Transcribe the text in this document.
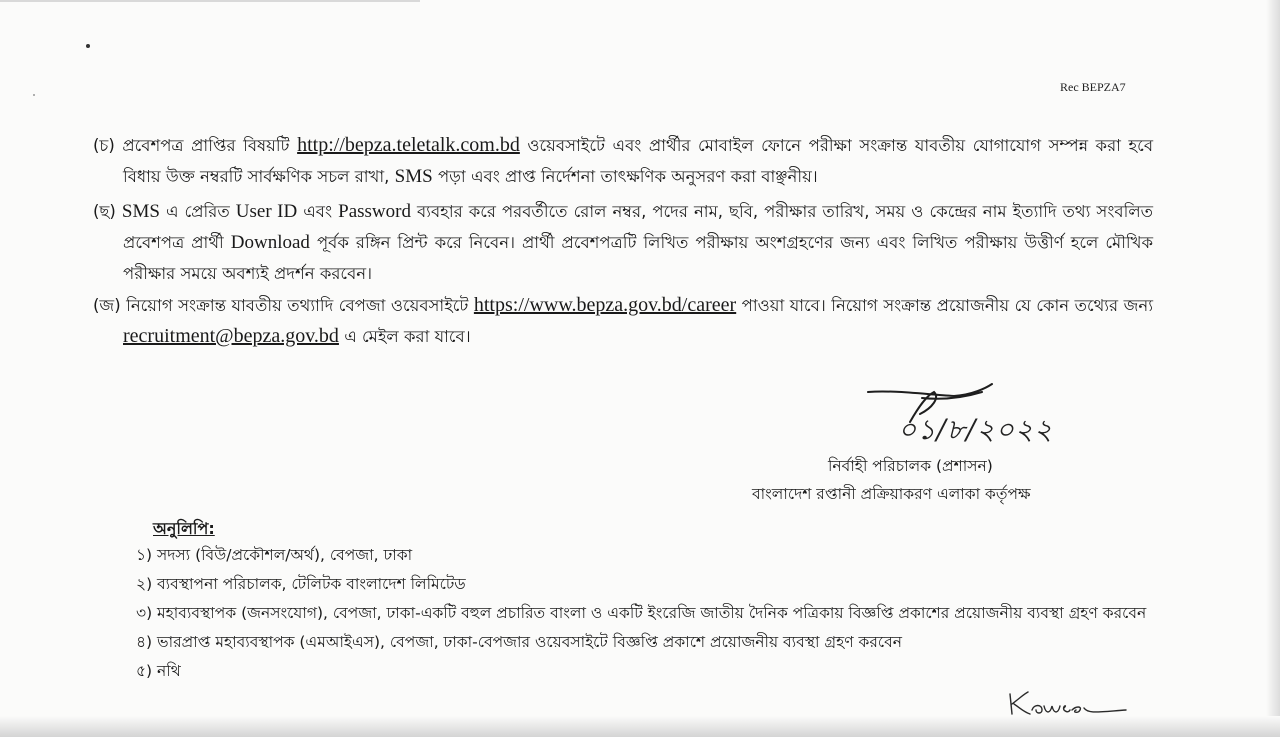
Rec BEPZA7
(চ) প্রবেশপত্র প্রাপ্তির বিষয়টি http://bepza.teletalk.com.bd ওয়েবসাইটে এবং প্রার্থীর মোবাইল ফোনে পরীক্ষা সংক্রান্ত যাবতীয় যোগাযোগ সম্পন্ন করা হবে বিধায় উক্ত নম্বরটি সার্বক্ষণিক সচল রাখা, SMS পড়া এবং প্রাপ্ত নির্দেশনা তাৎক্ষণিক অনুসরণ করা বাঞ্ছনীয়।
(ছ) SMS এ প্রেরিত User ID এবং Password ব্যবহার করে পরবর্তীতে রোল নম্বর, পদের নাম, ছবি, পরীক্ষার তারিখ, সময় ও কেন্দ্রের নাম ইত্যাদি তথ্য সংবলিত প্রবেশপত্র প্রার্থী Download পূর্বক রঙ্গিন প্রিন্ট করে নিবেন। প্রার্থী প্রবেশপত্রটি লিখিত পরীক্ষায় অংশগ্রহণের জন্য এবং লিখিত পরীক্ষায় উত্তীর্ণ হলে মৌখিক পরীক্ষার সময়ে অবশ্যই প্রদর্শন করবেন।
(জ) নিয়োগ সংক্রান্ত যাবতীয় তথ্যাদি বেপজা ওয়েবসাইটে https://www.bepza.gov.bd/career পাওয়া যাবে। নিয়োগ সংক্রান্ত প্রয়োজনীয় যে কোন তথ্যের জন্য recruitment@bepza.gov.bd এ মেইল করা যাবে।
০১/৮/২০২২
নির্বাহী পরিচালক (প্রশাসন)
বাংলাদেশ রপ্তানী প্রক্রিয়াকরণ এলাকা কর্তৃপক্ষ
অনুলিপি:
১) সদস্য (বিউ/প্রকৌশল/অর্থ), বেপজা, ঢাকা
২) ব্যবস্থাপনা পরিচালক, টেলিটক বাংলাদেশ লিমিটেড
৩) মহাব্যবস্থাপক (জনসংযোগ), বেপজা, ঢাকা-একটি বহুল প্রচারিত বাংলা ও একটি ইংরেজি জাতীয় দৈনিক পত্রিকায় বিজ্ঞপ্তি প্রকাশের প্রয়োজনীয় ব্যবস্থা গ্রহণ করবেন
৪) ভারপ্রাপ্ত মহাব্যবস্থাপক (এমআইএস), বেপজা, ঢাকা-বেপজার ওয়েবসাইটে বিজ্ঞপ্তি প্রকাশে প্রয়োজনীয় ব্যবস্থা গ্রহণ করবেন
৫) নথি
